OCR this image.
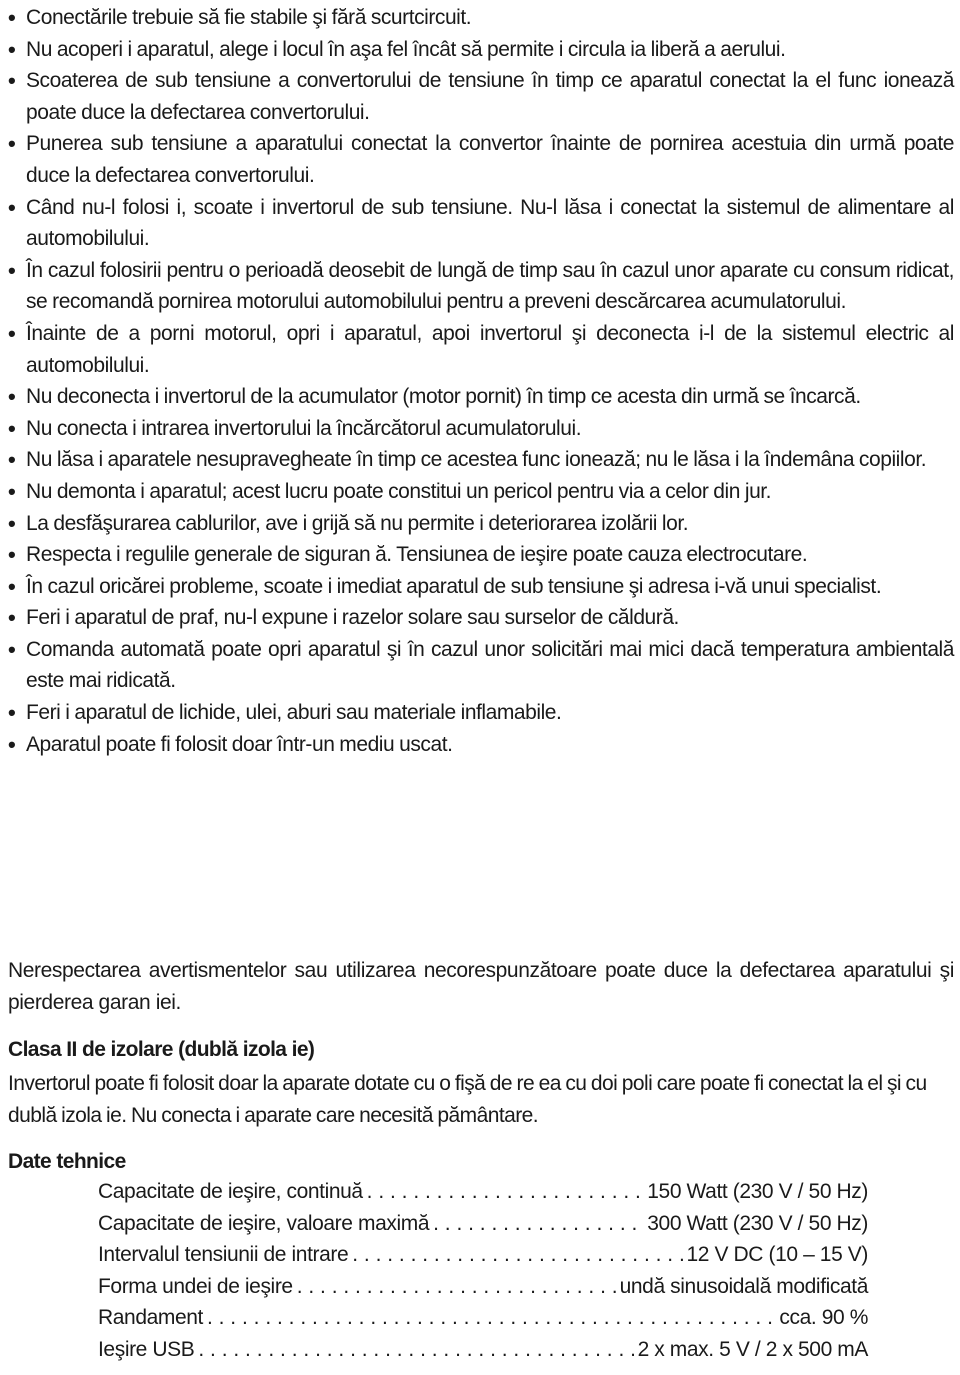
• Conectările trebuie să fie stabile şi fără scurtcircuit.
• Nu acoperi i aparatul, alege i locul în aşa fel încât să permite i circula ia liberă a aerului.
• Scoaterea de sub tensiune a convertorului de tensiune în timp ce aparatul conectat la el func ionează poate duce la defectarea convertorului.
• Punerea sub tensiune a aparatului conectat la convertor înainte de pornirea acestuia din urmă poate duce la defectarea convertorului.
• Când nu-l folosi i, scoate i invertorul de sub tensiune. Nu-l lăsa i conectat la sistemul de alimentare al automobilului.
• În cazul folosirii pentru o perioadă deosebit de lungă de timp sau în cazul unor aparate cu consum ridicat, se recomandă pornirea motorului automobilului pentru a preveni descărcarea acumulatorului.
• Înainte de a porni motorul, opri i aparatul, apoi invertorul şi deconecta i-l de la sistemul electric al automobilului.
• Nu deconecta i invertorul de la acumulator (motor pornit) în timp ce acesta din urmă se încarcă.
• Nu conecta i intrarea invertorului la încărcătorul acumulatorului.
• Nu lăsa i aparatele nesupravegheate în timp ce acestea func ionează; nu le lăsa i la îndemâna copiilor.
• Nu demonta i aparatul; acest lucru poate constitui un pericol pentru via a celor din jur.
• La desfăşurarea cablurilor, ave i grijă să nu permite i deteriorarea izolării lor.
• Respecta i regulile generale de siguran ă. Tensiunea de ieşire poate cauza electrocutare.
• În cazul oricărei probleme, scoate i imediat aparatul de sub tensiune şi adresa i-vă unui specialist.
• Feri i aparatul de praf, nu-l expune i razelor solare sau surselor de căldură.
• Comanda automată poate opri aparatul şi în cazul unor solicitări mai mici dacă temperatura ambientală este mai ridicată.
• Feri i aparatul de lichide, ulei, aburi sau materiale inflamabile.
• Aparatul poate fi folosit doar într-un mediu uscat.

Nerespectarea avertismentelor sau utilizarea necorespunzătoare poate duce la defectarea aparatului şi pierderea garan iei.

Clasa II de izolare (dublă izola ie)

Invertorul poate fi folosit doar la aparate dotate cu o fişă de re ea cu doi poli care poate fi conectat la el şi cu dublă izola ie. Nu conecta i aparate care necesită pământare.

Date tehnice
Capacitate de ieşire, continuă . . .	150 Watt (230 V / 50 Hz)
Capacitate de ieşire, valoare maximă . . .	300 Watt (230 V / 50 Hz)
Intervalul tensiunii de intrare . . .	12 V DC (10 – 15 V)
Forma undei de ieşire . . .	undă sinusoidală modificată
Randament . . .	cca. 90 %
Ieşire USB . . .	2 x max. 5 V / 2 x 500 mA
